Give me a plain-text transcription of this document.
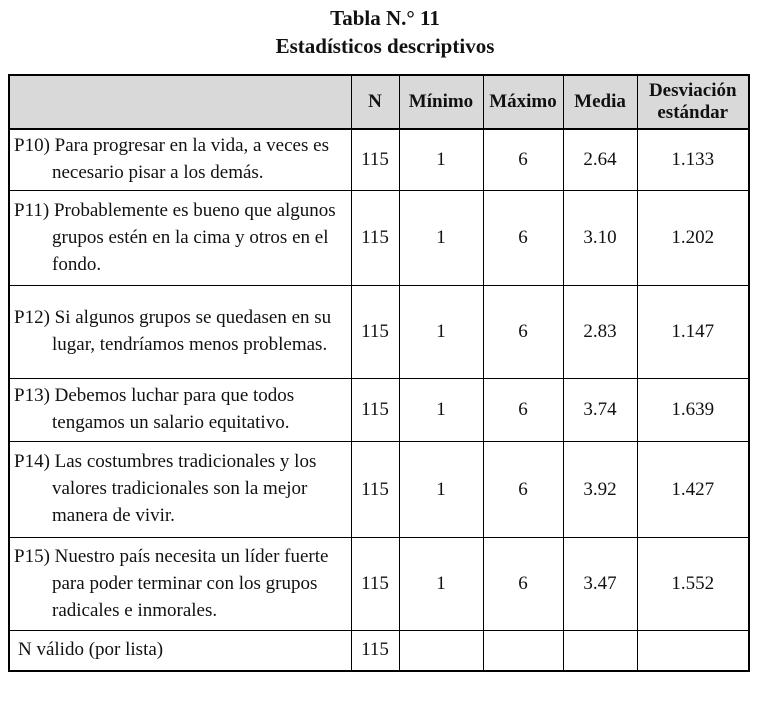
Tabla N.° 11
Estadísticos descriptivos
	N	Mínimo	Máximo	Media	Desviación estándar

P10) Para progresar en la vida, a veces es necesario pisar a los demás.	115	1	6	2.64	1.133

P11) Probablemente es bueno que algunos grupos estén en la cima y otros en el fondo.	115	1	6	3.10	1.202

P12) Si algunos grupos se quedasen en su lugar, tendríamos menos problemas.	115	1	6	2.83	1.147

P13) Debemos luchar para que todos tengamos un salario equitativo.	115	1	6	3.74	1.639

P14) Las costumbres tradicionales y los valores tradicionales son la mejor manera de vivir.	115	1	6	3.92	1.427

P15) Nuestro país necesita un líder fuerte para poder terminar con los grupos radicales e inmorales.	115	1	6	3.47	1.552

N válido (por lista)	115				
